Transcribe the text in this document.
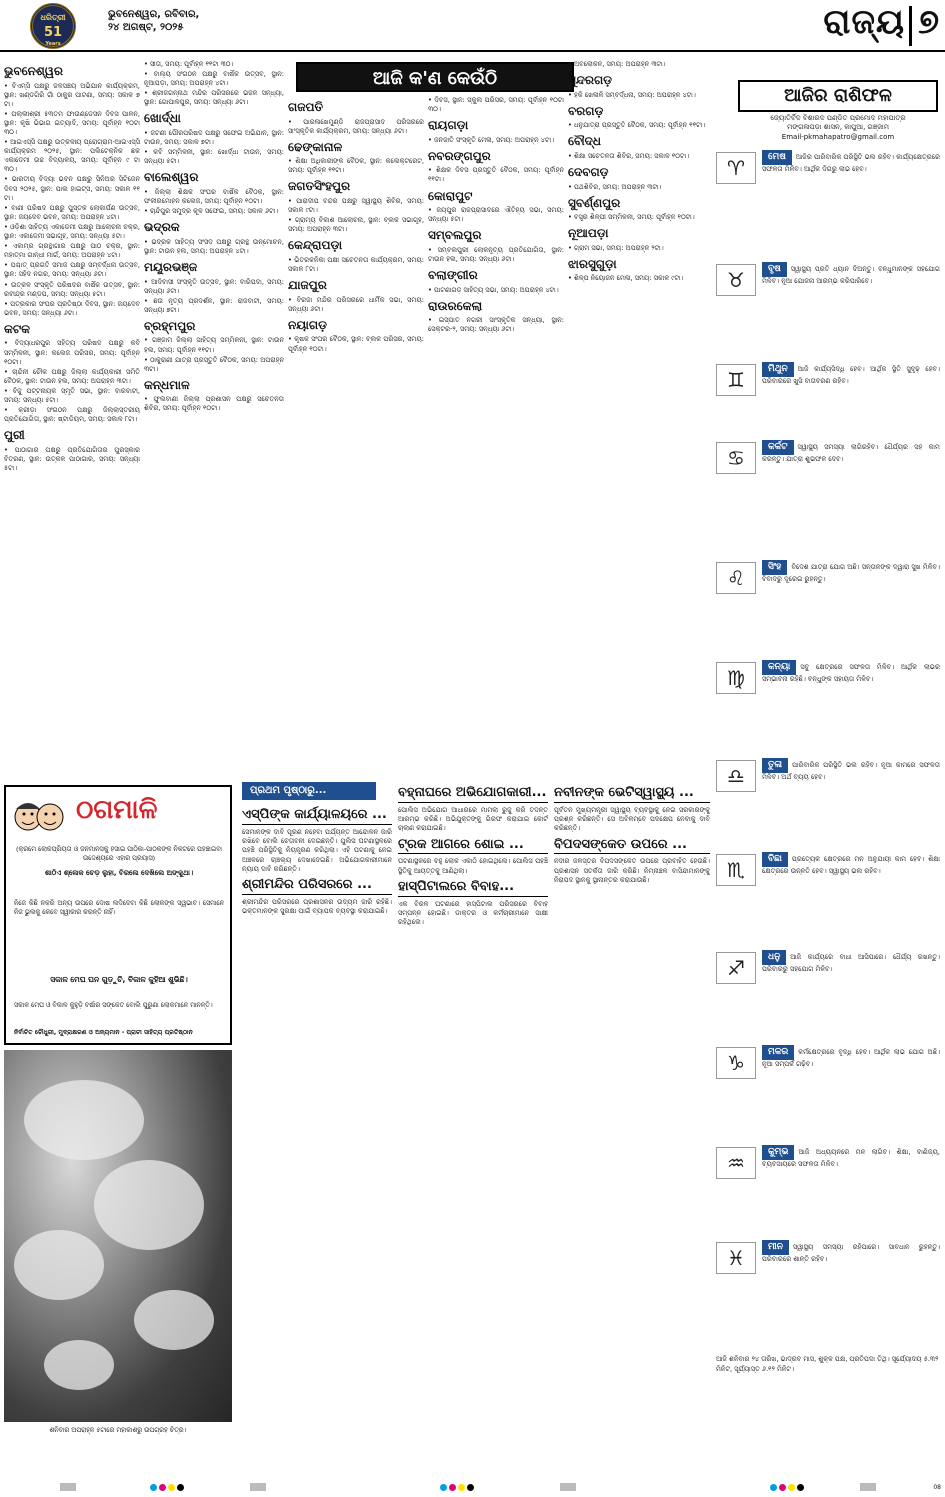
ଧରିତ୍ରୀ
51
Years
ଭୁବନେଶ୍ୱର, ରବିବାର,
୨୪ ଅଗଷ୍ଟ, ୨୦୨୫	ରାଜ୍ୟ ୭
ଆଜି କ'ଣ କେଉଁଠି
ଭୁବନେଶ୍ୱର
• ବିଏମ୍‌ସି ପକ୍ଷରୁ ଜଳସଞ୍ଚୟ ଅଭିଯାନ କାର୍ଯ୍ୟକ୍ରମ, ସ୍ଥାନ: ଖଣ୍ଡଗିରି ଗାଁ ଠାକୁର ପାଟଣା, ସମୟ: ସକାଳ ୭ ଟା।
• ପଲ୍ଲୀଶ୍ରୀ ୫୩ତମ ଫାଉଣ୍ଡେସନ ଦିବସ ପାଳନ, ସ୍ଥାନ: କୃଷି ଭିଭାଗ ଇତ୍ୟାଦି, ସମୟ: ପୂର୍ବାହ୍ନ ୧୦ଟା ୩୦।
• ଆଇଏସ୍‌ସି ପକ୍ଷରୁ ଉତ୍କଳୀୟ ପ୍ରୋଗ୍ରାମ-ଆଇଏସ୍‌ସି କାର୍ଯ୍ୟକ୍ରମ ୨୦୨୫, ସ୍ଥାନ: ପଲିଟେକ୍ନିକ ଛକ ଏକାଡେମୀ ଉଚ୍ଚ ବିଦ୍ୟାଳୟ, ସମୟ: ପୂର୍ବାହ୍ନ ୯ ଟା ୩୦।
• ଭାରତୀୟ ବିଦ୍ୟା ଭବନ ପକ୍ଷରୁ ସିନିଅର ସିଟିଜେନ ଦିବସ ୨୦୨୫, ସ୍ଥାନ: ପାଲ ହାଇଟ୍ସ, ସମୟ: ସକାଳ ୧୧ ଟା।
• ବାଣୀ ପରିଷଦ ପକ୍ଷରୁ ପୁସ୍ତକ ଲୋକାର୍ପଣ ଉତ୍ସବ, ସ୍ଥାନ: ଜୟଦେବ ଭବନ, ସମୟ: ଅପରାହ୍ନ ୪ଟା।
• ଓଡ଼ିଶା ସାହିତ୍ୟ ଏକାଡେମୀ ପକ୍ଷରୁ ଆଲୋଚନା ଚକ୍ର, ସ୍ଥାନ: ଏକାଡେମୀ ସଭାଗୃହ, ସମୟ: ସନ୍ଧ୍ୟା ୫ଟା।
• ଏକାମ୍ର ଗ୍ରନ୍ଥାଗାର ପକ୍ଷରୁ ପାଠ ଚକ୍ର, ସ୍ଥାନ: ମହାତ୍ମା ଗାନ୍ଧୀ ମାର୍ଗ, ସମୟ: ଅପରାହ୍ନ ୪ଟା।
• ପଶ୍ଚାତ୍ ପ୍ରଗତି ସମାଜ ପକ୍ଷରୁ ସମ୍ବର୍ଦ୍ଧନା ଉତ୍ସବ, ସ୍ଥାନ: ସହିଦ ନଗର, ସମୟ: ସନ୍ଧ୍ୟା ୬ଟା।
• ଉତ୍କଳ ସଂସ୍କୃତି ପରିଷଦର ବାର୍ଷିକ ଉତ୍ସବ, ସ୍ଥାନ: ରବୀନ୍ଦ୍ର ମଣ୍ଡପ, ସମୟ: ସନ୍ଧ୍ୟା ୫ଟା।
• ପତ୍ରକାର ସଂଘର ପ୍ରତିଷ୍ଠା ଦିବସ, ସ୍ଥାନ: ଜୟଦେବ ଭବନ, ସମୟ: ସନ୍ଧ୍ୟା ୬ଟା।
କଟକ
• ବିଦ୍ୟାଧରପୁର ସହିତ୍ୟ ପରିଷଦ ପକ୍ଷରୁ କବି ସମ୍ମିଳନୀ, ସ୍ଥାନ: କଲେଜ ପରିସର, ସମୟ: ପୂର୍ବାହ୍ନ ୧୦ଟା।
• ଚାନ୍ଦିନୀ ଚୌକ ପକ୍ଷରୁ ଜିଲ୍ଲା କାର୍ଯ୍ୟକାରୀ ସମିତି ବୈଠକ, ସ୍ଥାନ: ଟାଉନ ହଲ, ସମୟ: ଅପରାହ୍ନ ୩ଟା।
• ବିଜୁ ପଟ୍ଟନାୟକ ସ୍ମୃତି ସଭା, ସ୍ଥାନ: ବାରବାଟୀ, ସମୟ: ସନ୍ଧ୍ୟା ୫ଟା।
• କ୍ରୀଡ଼ା ସଂଗଠନ ପକ୍ଷରୁ ଜିଲ୍ଲାସ୍ତରୀୟ ପ୍ରତିଯୋଗିତା, ସ୍ଥାନ: ଷ୍ଟାଡିୟମ, ସମୟ: ସକାଳ ୮ଟା।
ପୁରୀ
• ପାଠାଗାର ପକ୍ଷରୁ ପ୍ରତିଯୋଗିତାର ପୁରସ୍କାର ବିତରଣ, ସ୍ଥାନ: ଉତ୍କଳ ପାଠାଗାର, ସମୟ: ସନ୍ଧ୍ୟା ୫ଟା।
• ସୀତା, ସମୟ: ପୂର୍ବାହ୍ନ ୧୧ଟା ୩୦।
• ବାଲ୍ୟ ସଂଗଠନ ପକ୍ଷରୁ ବାର୍ଷିକ ଉତ୍ସବ, ସ୍ଥାନ: ନୂଆପଡ଼ା, ସମୟ: ଅପରାହ୍ନ ୪ଟା।
• ଶ୍ରୀଜଗନ୍ନାଥ ମନ୍ଦିର ପରିସରରେ ଭଜନ ସନ୍ଧ୍ୟା, ସ୍ଥାନ: ଗୋପାଳପୁର, ସମୟ: ସନ୍ଧ୍ୟା ୬ଟା।
ଖୋର୍ଦ୍ଧା
• ଜଟଣୀ ପୌରପରିଷଦ ପକ୍ଷରୁ ସଫେଇ ଅଭିଯାନ, ସ୍ଥାନ: ଟାଉନ, ସମୟ: ସକାଳ ୭ଟା।
• କବି ସମ୍ମିଳନୀ, ସ୍ଥାନ: ଖୋର୍ଦ୍ଧା ଟାଉନ, ସମୟ: ସନ୍ଧ୍ୟା ୫ଟା।
ବାଲେଶ୍ୱର
• ଜିଲ୍ଲା ଶିକ୍ଷକ ସଂଘର ବାର୍ଷିକ ବୈଠକ, ସ୍ଥାନ: ଫକୀରମୋହନ କଲେଜ, ସମୟ: ପୂର୍ବାହ୍ନ ୧୦ଟା।
• ଚାନ୍ଦିପୁର ସମୁଦ୍ର କୂଳ ସଫେଇ, ସମୟ: ସକାଳ ୬ଟା।
ଭଦ୍ରକ
• ଭଦ୍ରକ ସାହିତ୍ୟ ସଂସଦ ପକ୍ଷରୁ ଗ୍ରନ୍ଥ ଉନ୍ମୋଚନ, ସ୍ଥାନ: ଟାଉନ ହଲ, ସମୟ: ଅପରାହ୍ନ ୪ଟା।
ମୟୂରଭଞ୍ଜ
• ଆଦିବାସୀ ସଂସ୍କୃତି ଉତ୍ସବ, ସ୍ଥାନ: ବାରିପଦା, ସମୟ: ସନ୍ଧ୍ୟା ୬ଟା।
• ଛଉ ନୃତ୍ୟ ପ୍ରଦର୍ଶନ, ସ୍ଥାନ: ରାଜବାଟୀ, ସମୟ: ସନ୍ଧ୍ୟା ୭ଟା।
ବ୍ରହ୍ମପୁର
• ଗଞ୍ଜାମ ଜିଲ୍ଲା ସାହିତ୍ୟ ସମ୍ମିଳନୀ, ସ୍ଥାନ: ଟାଉନ ହଲ, ସମୟ: ପୂର୍ବାହ୍ନ ୧୧ଟା।
• ଠାକୁରାଣୀ ଯାତ୍ରା ପ୍ରସ୍ତୁତି ବୈଠକ, ସମୟ: ଅପରାହ୍ନ ୩ଟା।
କନ୍ଧମାଳ
• ଫୁଲବାଣୀ ଜିଲ୍ଲା ପ୍ରଶାସନ ପକ୍ଷରୁ ସଚେତନତା ଶିବିର, ସମୟ: ପୂର୍ବାହ୍ନ ୧୦ଟା।
ଗଜପତି
• ପାରଳାଖେମୁଣ୍ଡି ରାଜପ୍ରାସାଦ ପରିସରରେ ସାଂସ୍କୃତିକ କାର୍ଯ୍ୟକ୍ରମ, ସମୟ: ସନ୍ଧ୍ୟା ୬ଟା।
ଢେଙ୍କାନାଳ
• ଶିକ୍ଷା ଅଧିକାରୀଙ୍କ ବୈଠକ, ସ୍ଥାନ: କଲେକ୍ଟରେଟ, ସମୟ: ପୂର୍ବାହ୍ନ ୧୧ଟା।
ଜଗତସିଂହପୁର
• ପାରାଦୀପ ବନ୍ଦର ପକ୍ଷରୁ ସ୍ୱାସ୍ଥ୍ୟ ଶିବିର, ସମୟ: ସକାଳ ୯ଟା।
• ଗ୍ରାମ୍ୟ ବିକାଶ ଆଲୋଚନା, ସ୍ଥାନ: ବ୍ଲକ ସଭାଗୃହ, ସମୟ: ଅପରାହ୍ନ ୩ଟା।
କେନ୍ଦ୍ରାପଡ଼ା
• ଭିତରକନିକା ପକ୍ଷୀ ସଚେତନତା କାର୍ଯ୍ୟକ୍ରମ, ସମୟ: ସକାଳ ୮ଟା।
ଯାଜପୁର
• ବିରଜା ମନ୍ଦିର ପରିସରରେ ଧାର୍ମିକ ସଭା, ସମୟ: ସନ୍ଧ୍ୟା ୬ଟା।
ନୟାଗଡ଼
• କୃଷକ ସଂଘର ବୈଠକ, ସ୍ଥାନ: ବ୍ଲକ ପରିସର, ସମୟ: ପୂର୍ବାହ୍ନ ୧୦ଟା।
• ଦିବସ, ସ୍ଥାନ: ସ୍କୁଲ ପରିସର, ସମୟ: ପୂର୍ବାହ୍ନ ୧୦ଟା ୩୦।
ରାୟଗଡ଼ା
• ଜନଜାତି ସଂସ୍କୃତି ମେଳା, ସମୟ: ଅପରାହ୍ନ ୪ଟା।
ନବରଙ୍ଗପୁର
• ଶିକ୍ଷକ ଦିବସ ପ୍ରସ୍ତୁତି ବୈଠକ, ସମୟ: ପୂର୍ବାହ୍ନ ୧୧ଟା।
କୋରାପୁଟ
• ଜୟପୁର ରାଜପ୍ରାସାଦରେ ଐତିହ୍ୟ ସଭା, ସମୟ: ସନ୍ଧ୍ୟା ୫ଟା।
ସମ୍ବଲପୁର
• ସମ୍ବଲପୁରୀ ଲୋକନୃତ୍ୟ ପ୍ରତିଯୋଗିତା, ସ୍ଥାନ: ଟାଉନ ହଲ, ସମୟ: ସନ୍ଧ୍ୟା ୬ଟା।
ବଲାଙ୍ଗୀର
• ପାଟଣାଗଡ଼ ସାହିତ୍ୟ ସଭା, ସମୟ: ଅପରାହ୍ନ ୪ଟା।
ରାଉରକେଲା
• ଇସ୍ପାତ ନଗରୀ ସାଂସ୍କୃତିକ ସନ୍ଧ୍ୟା, ସ୍ଥାନ: ସେକ୍ଟର-୨, ସମୟ: ସନ୍ଧ୍ୟା ୬ଟା।
• ଅବଲୋକନ, ସମୟ: ଅପରାହ୍ନ ୩ଟା।
ସୁନ୍ଦରଗଡ଼
• ହକି ଖେଳାଳି ସମ୍ବର୍ଦ୍ଧନା, ସମୟ: ଅପରାହ୍ନ ୪ଟା।
ବରଗଡ଼
• ଧନୁଯାତ୍ରା ପ୍ରସ୍ତୁତି ବୈଠକ, ସମୟ: ପୂର୍ବାହ୍ନ ୧୧ଟା।
ବୌଦ୍ଧ
• ଶିକ୍ଷା ସଚେତନତା ଶିବିର, ସମୟ: ସକାଳ ୧୦ଟା।
ଦେବଗଡ଼
• ପଥଶିବିର, ସମୟ: ଅପରାହ୍ନ ୩ଟା।
ସୁବର୍ଣ୍ଣପୁର
• ବସ୍ତ୍ର ଶିଳ୍ପୀ ସମ୍ମିଳନୀ, ସମୟ: ପୂର୍ବାହ୍ନ ୧୦ଟା।
ନୂଆପଡ଼ା
• ଗ୍ରାମ ସଭା, ସମୟ: ଅପରାହ୍ନ ୨ଟା।
ଝାରସୁଗୁଡ଼ା
• ଶିଳ୍ପ ନିୟୋଜନ ମେଳା, ସମୟ: ସକାଳ ୯ଟା।
ଆଜିର ରାଶିଫଳ
ଜ୍ୟୋତିର୍ବିଦ ବିଶାରଦ ପଣ୍ଡିତ ପ୍ରମୋଦ ମହାପାତ୍ର
ମଙ୍ଗଳାପଡ଼ା ଶାସନ, କାପୁଆ, ଗଞ୍ଜାମ
Email-pkmahapatro@gmail.com
♈	ମେଷ ଆଜିର ପାରିବାରିକ ପରିସ୍ଥିତି ଭଲ ରହିବ। କାର୍ଯ୍ୟକ୍ଷେତ୍ରରେ ସଫଳତା ମିଳିବ। ଆର୍ଥିକ ଦିଗରୁ ଲାଭ ହେବ।
♉	ବୃଷ ସ୍ୱାସ୍ଥ୍ୟ ପ୍ରତି ଧ୍ୟାନ ଦିଅନ୍ତୁ। ବନ୍ଧୁମାନଙ୍କ ସହଯୋଗ ମିଳିବ। ନୂଆ ଯୋଜନା ଆରମ୍ଭ କରିପାରିବେ।
♊	ମିଥୁନ ଆଜି କାର୍ଯ୍ୟସିଦ୍ଧି ହେବ। ଆର୍ଥିକ ସ୍ଥିତି ସୁଦୃଢ଼ ହେବ। ପରିବାରରେ ଖୁସି ବାତାବରଣ ରହିବ।
♋	କର୍କଟ ସ୍ୱାସ୍ଥ୍ୟ ସମସ୍ୟା ଲାଗିରହିବ। ଧୈର୍ଯ୍ୟର ସହ କାମ କରନ୍ତୁ। ଯାତ୍ରା ଶୁଭଫଳ ଦେବ।
♌	ସିଂହ ବିଦେଶ ଯାତ୍ରା ଯୋଗ ଅଛି। ସନ୍ତାନଙ୍କ ଦ୍ୱାରା ସୁଖ ମିଳିବ। ବିବାଦରୁ ଦୂରେଇ ରୁହନ୍ତୁ।
♍	କନ୍ୟା ସବୁ କ୍ଷେତ୍ରରେ ସଫଳତା ମିଳିବ। ଆର୍ଥିକ ଲାଭର ସମ୍ଭାବନା ରହିଛି। ବନ୍ଧୁଙ୍କ ସହାୟତା ମିଳିବ।
♎	ତୁଳା ପାରିବାରିକ ପରିସ୍ଥିତି ଭଲ ରହିବ। ନୂଆ କାମରେ ସଫଳତା ମିଳିବ। ଅର୍ଥ ବ୍ୟୟ ହେବ।
♏	ବିଛା ପ୍ରତ୍ୟେକ କ୍ଷେତ୍ରରେ ମନ ଅନୁଯାୟୀ କାମ ହେବ। ଶିକ୍ଷା କ୍ଷେତ୍ରରେ ଉନ୍ନତି ହେବ। ସ୍ୱାସ୍ଥ୍ୟ ଭଲ ରହିବ।
♐	ଧନୁ ଆଜି କାର୍ଯ୍ୟରେ ବାଧା ଆସିପାରେ। ଧୈର୍ଯ୍ୟ ରଖନ୍ତୁ। ପରିବାରରୁ ସହଯୋଗ ମିଳିବ।
♑	ମକର କର୍ମକ୍ଷେତ୍ରରେ ବୃଦ୍ଧି ହେବ। ଆର୍ଥିକ ଲାଭ ଯୋଗ ଅଛି। ନୂଆ ସମ୍ପର୍କ ଗଢ଼ିବ।
♒	କୁମ୍ଭ ଆଜି ଅଧ୍ୟୟନରେ ମନ ଲାଗିବ। ଶିକ୍ଷା, ବାଣିଜ୍ୟ, ବ୍ୟବସାୟରେ ସଫଳତା ମିଳିବ।
♓	ମୀନ ସ୍ୱାସ୍ଥ୍ୟ ସମସ୍ୟା ରହିପାରେ। ସାବଧାନ ରୁହନ୍ତୁ। ପରିବାରରେ ଶାନ୍ତି ରହିବ।
ଆଜି ଶନିବାର ୨୪ ତାରିଖ, ଭାଦ୍ରବ ମାସ, ଶୁକ୍ଳ ପକ୍ଷ, ପ୍ରତିପଦା ତିଥି। ସୂର୍ଯ୍ୟୋଦୟ ୫.୩୨ ମିନିଟ, ସୂର୍ଯ୍ୟାସ୍ତ ୬.୧୨ ମିନିଟ।
ଠଗମାଳି
(କ୍ରମେ ଲୋକପ୍ରିୟତା ଓ ଜନମାନସକୁ ହସାଇ ପାଠିକା-ପାଠକଙ୍କ ନିକଟରେ ପହଞ୍ଚାଇବା ଉଦ୍ଦେଶ୍ୟରେ ଏହାର ପ୍ରୟାସ)
ଶାଠିଏ ଶ୍ଳୋକ ଚେଡ଼ ଲୁହା, ବିରଲେ ଦେଖିଲେ ଅଙ୍କୁଥା।
ନିଜେ କିଛି ନକରି ଅନ୍ୟ ଉପରେ ଦୋଷ ଲଦିଦେବା କିଛି ଲୋକଙ୍କ ସ୍ୱଭାବ। ସେମାନେ ନିଜ ଭୁଲକୁ କେବେ ସ୍ୱୀକାର କରନ୍ତି ନାହିଁ।
ସକାଳ ମେଘ ଘନ ଗୁଡ଼ୁଚି, ବିକାଳ କୁହିଆ ଶୁଭିଛି।
ସକାଳ ମେଘ ଓ ବିକାଳ କୁହୁଡ଼ି ବର୍ଷାର ସଙ୍କେତ ବୋଲି ପୁରୁଣା ଲୋକମାନେ ମାନନ୍ତି।
ନିର୍ବାଚିତ ଚୌଧୁରୀ, ମୁଦ୍ରାକ୍ଷରଣ ଓ ଅନ୍ୟମାନ - ପ୍ରାଚୀ ସାହିତ୍ୟ ପ୍ରତିଷ୍ଠାନ
ଶନିବାର ଅପରାହ୍ନ ୫ଟାରେ ମହାକାଶରୁ ଉପଗ୍ରହ ଚିତ୍ର।
ପ୍ରଥମ ପୃଷ୍ଠାରୁ...
ଏସ୍‌ପିଙ୍କ କାର୍ଯ୍ୟାଳୟରେ ...
ସେମାନଙ୍କ ଦାବି ପୂରଣ ନହେବା ପର୍ଯ୍ୟନ୍ତ ଆନ୍ଦୋଳନ ଜାରି ରଖିବେ ବୋଲି ଚେତାବନୀ ଦେଇଛନ୍ତି। ପୁଲିସ ଘଟଣାସ୍ଥଳରେ ପହଞ୍ଚି ପରିସ୍ଥିତିକୁ ନିୟନ୍ତ୍ରଣ କରିଥିଲା। ଏହି ଘଟଣାକୁ ନେଇ ଅଞ୍ଚଳରେ ଚାଞ୍ଚଲ୍ୟ ଦେଖାଦେଇଛି। ଅଭିଯୋଗକାରୀମାନେ ନ୍ୟାୟ ଦାବି କରିଛନ୍ତି।
ଶ୍ରୀମନ୍ଦିର ପରିସରରେ ...
ଶ୍ରୀମନ୍ଦିର ପରିସରରେ ପ୍ରଶାସନର ଉଦ୍ୟମ ଜାରି ରହିଛି। ଭକ୍ତମାନଙ୍କ ସୁରକ୍ଷା ପାଇଁ ବ୍ୟାପକ ବ୍ୟବସ୍ଥା କରାଯାଇଛି।
ବହ୍ନାଘରେ ଅଭିଯୋଗକାରୀ...
ପୋଲିସ ଅଭିଯୋଗ ଆଧାରରେ ମାମଲା ରୁଜୁ କରି ତଦନ୍ତ ଆରମ୍ଭ କରିଛି। ଅଭିଯୁକ୍ତଙ୍କୁ ଗିରଫ କରାଯାଇ କୋର୍ଟ ଚାଲାଣ କରାଯାଇଛି।
ଟ୍ରକ ଆଗରେ ଶୋଇ ...
ଘଟଣାସ୍ଥଳରେ ବହୁ ଲୋକ ଏକାଠି ହୋଇଥିଲେ। ପୋଲିସ ପହଞ୍ଚି ସ୍ଥିତିକୁ ଆୟତ୍ତକୁ ଆଣିଥିଲା।
ହାସ୍ପିଟାଲରେ ବିବାହ...
ଏକ ବିରଳ ଘଟଣାରେ ହାସ୍ପିଟାଲ ପରିସରରେ ବିବାହ ସମ୍ପନ୍ନ ହୋଇଛି। ଡାକ୍ତର ଓ କର୍ମଚାରୀମାନେ ସାକ୍ଷୀ ରହିଥିଲେ।
ନବୀନଙ୍କ ଭେଟିସ୍ୱାସ୍ଥ୍ୟ ...
ପୂର୍ବତନ ମୁଖ୍ୟମନ୍ତ୍ରୀ ସ୍ୱାସ୍ଥ୍ୟ ବ୍ୟବସ୍ଥାକୁ ନେଇ ସରକାରଙ୍କୁ ପ୍ରଶ୍ନ କରିଛନ୍ତି। ସେ ଅବିଳମ୍ବେ ପଦକ୍ଷେପ ନେବାକୁ ଦାବି କରିଛନ୍ତି।
ବିପଦସଙ୍କେତ ଉପରେ ...
ନଦୀର ଜଳସ୍ତର ବିପଦସଙ୍କେତ ଉପରେ ପ୍ରବାହିତ ହେଉଛି। ପ୍ରଶାସନ ସତର୍କତା ଜାରି କରିଛି। ନିମ୍ନାଞ୍ଚଳ ବାସିନ୍ଦାମାନଙ୍କୁ ନିରାପଦ ସ୍ଥାନକୁ ସ୍ଥାନାନ୍ତର କରାଯାଉଛି।
08
